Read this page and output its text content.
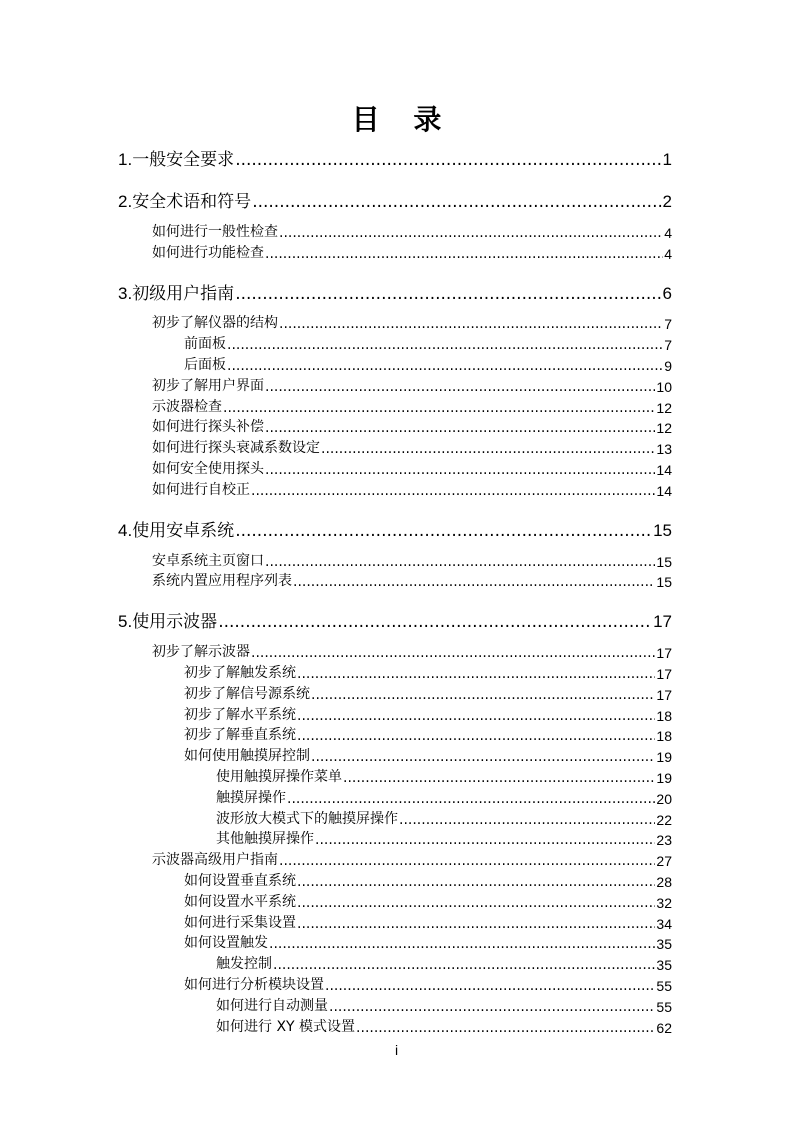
目 录
1. 一般安全要求 .....	1
2. 安全术语和符号 .....	2
如何进行一般性检查 .....	4
如何进行功能检查 .....	4
3. 初级用户指南 .....	6
初步了解仪器的结构 .....	7
前面板 .....	7
后面板 .....	9
初步了解用户界面 .....	10
示波器检查 .....	12
如何进行探头补偿 .....	12
如何进行探头衰减系数设定 .....	13
如何安全使用探头 .....	14
如何进行自校正 .....	14
4. 使用安卓系统 .....	15
安卓系统主页窗口 .....	15
系统内置应用程序列表 .....	15
5. 使用示波器 .....	17
初步了解示波器 .....	17
初步了解触发系统 .....	17
初步了解信号源系统 .....	17
初步了解水平系统 .....	18
初步了解垂直系统 .....	18
如何使用触摸屏控制 .....	19
使用触摸屏操作菜单 .....	19
触摸屏操作 .....	20
波形放大模式下的触摸屏操作 .....	22
其他触摸屏操作 .....	23
示波器高级用户指南 .....	27
如何设置垂直系统 .....	28
如何设置水平系统 .....	32
如何进行采集设置 .....	34
如何设置触发 .....	35
触发控制 .....	35
如何进行分析模块设置 .....	55
如何进行自动测量 .....	55
如何进行 XY 模式设置 .....	62
i
